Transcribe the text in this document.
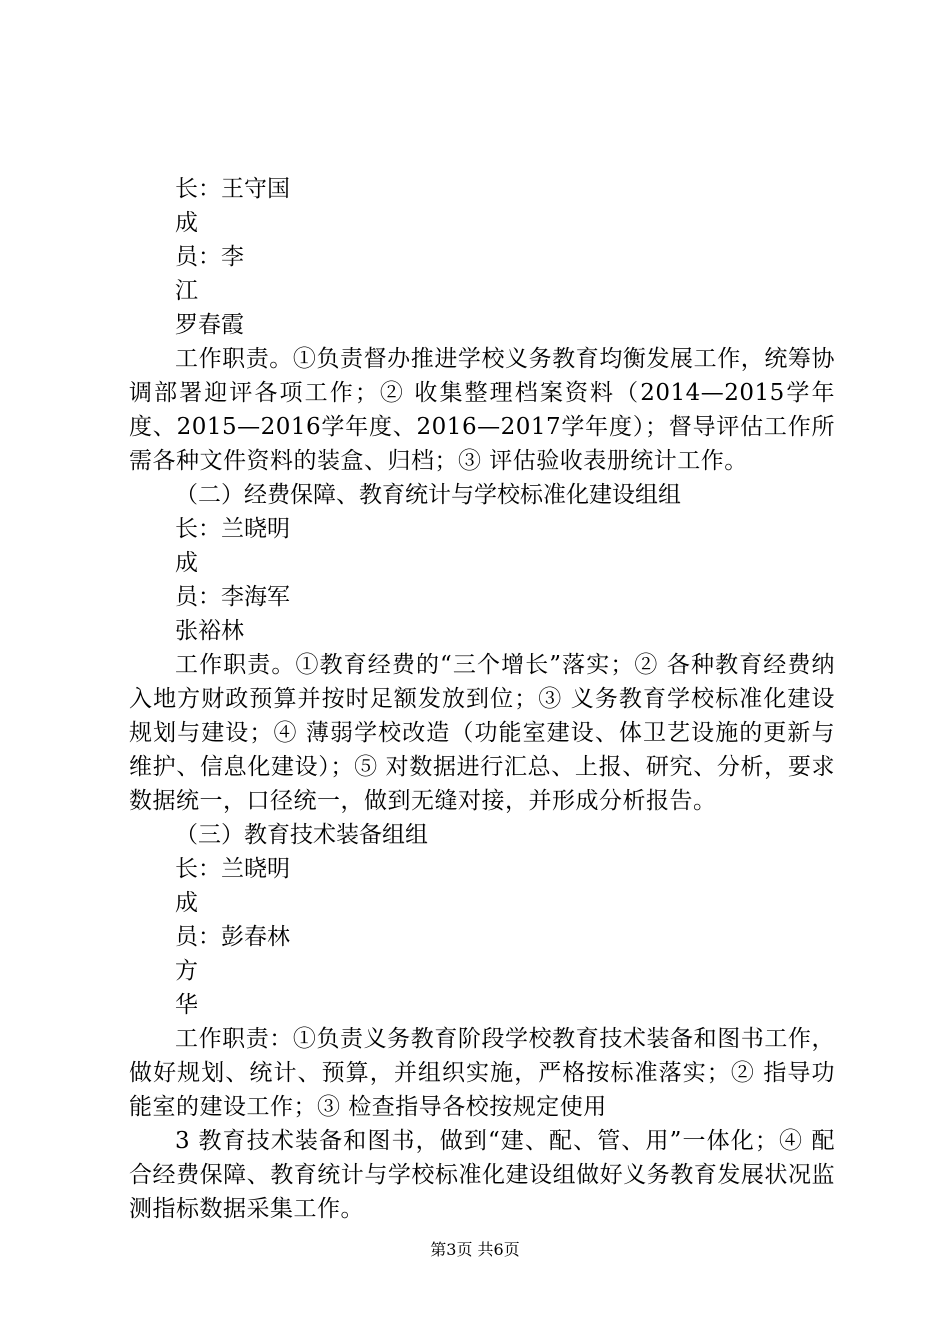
长：王守国

成

员：李

江

罗春霞

工作职责。①负责督办推进学校义务教育均衡发展工作，统筹协调部署迎评各项工作；② 收集整理档案资料（2014—2015学年度、2015—2016学年度、2016—2017学年度）；督导评估工作所需各种文件资料的装盒、归档；③ 评估验收表册统计工作。

（二）经费保障、教育统计与学校标准化建设组组

长：兰晓明

成

员：李海军

张裕林

工作职责。①教育经费的“三个增长”落实；② 各种教育经费纳入地方财政预算并按时足额发放到位；③ 义务教育学校标准化建设规划与建设；④ 薄弱学校改造（功能室建设、体卫艺设施的更新与维护、信息化建设）；⑤ 对数据进行汇总、上报、研究、分析，要求数据统一，口径统一，做到无缝对接，并形成分析报告。

（三）教育技术装备组组

长：兰晓明

成

员：彭春林

方

华

工作职责：①负责义务教育阶段学校教育技术装备和图书工作，做好规划、统计、预算，并组织实施，严格按标准落实；② 指导功能室的建设工作；③ 检查指导各校按规定使用

3 教育技术装备和图书，做到“建、配、管、用”一体化；④ 配合经费保障、教育统计与学校标准化建设组做好义务教育发展状况监测指标数据采集工作。

第3页 共6页
